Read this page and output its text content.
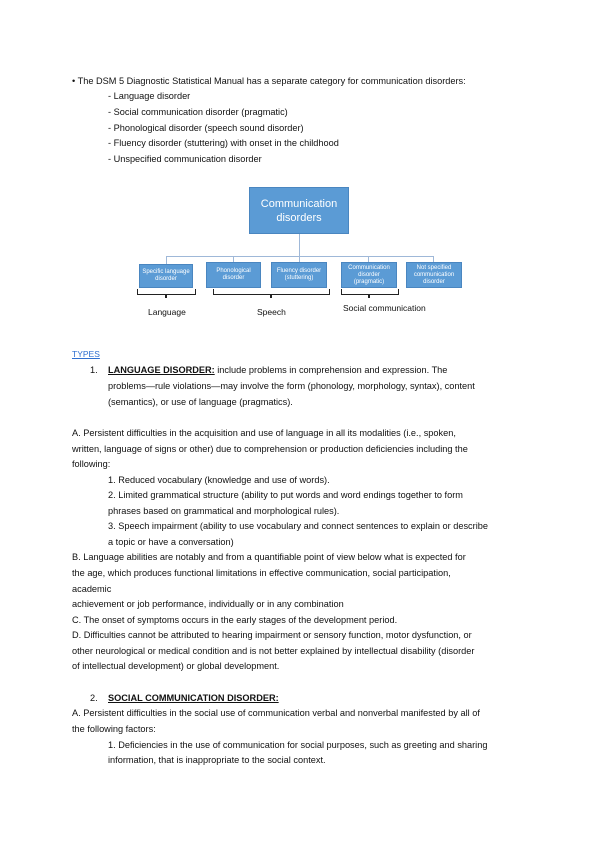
• The DSM 5 Diagnostic Statistical Manual has a separate category for communication disorders:
- Language disorder
- Social communication disorder (pragmatic)
- Phonological disorder (speech sound disorder)
- Fluency disorder (stuttering) with onset in the childhood
- Unspecified communication disorder
Communication disorders
Specific language disorder
Phonological disorder
Fluency disorder (stuttering)
Communication disorder (pragmatic)
Not specified communication disorder
Language	Speech	Social communication
TYPES
1. LANGUAGE DISORDER: include problems in comprehension and expression. The
problems—rule violations—may involve the form (phonology, morphology, syntax), content
(semantics), or use of language (pragmatics).
A. Persistent difficulties in the acquisition and use of language in all its modalities (i.e., spoken,
written, language of signs or other) due to comprehension or production deficiencies including the
following:
1. Reduced vocabulary (knowledge and use of words).
2. Limited grammatical structure (ability to put words and word endings together to form
phrases based on grammatical and morphological rules).
3. Speech impairment (ability to use vocabulary and connect sentences to explain or describe
a topic or have a conversation)
B. Language abilities are notably and from a quantifiable point of view below what is expected for
the age, which produces functional limitations in effective communication, social participation,
academic
achievement or job performance, individually or in any combination
C. The onset of symptoms occurs in the early stages of the development period.
D. Difficulties cannot be attributed to hearing impairment or sensory function, motor dysfunction, or
other neurological or medical condition and is not better explained by intellectual disability (disorder
of intellectual development) or global development.
2. SOCIAL COMMUNICATION DISORDER:
A. Persistent difficulties in the social use of communication verbal and nonverbal manifested by all of
the following factors:
1. Deficiencies in the use of communication for social purposes, such as greeting and sharing
information, that is inappropriate to the social context.
